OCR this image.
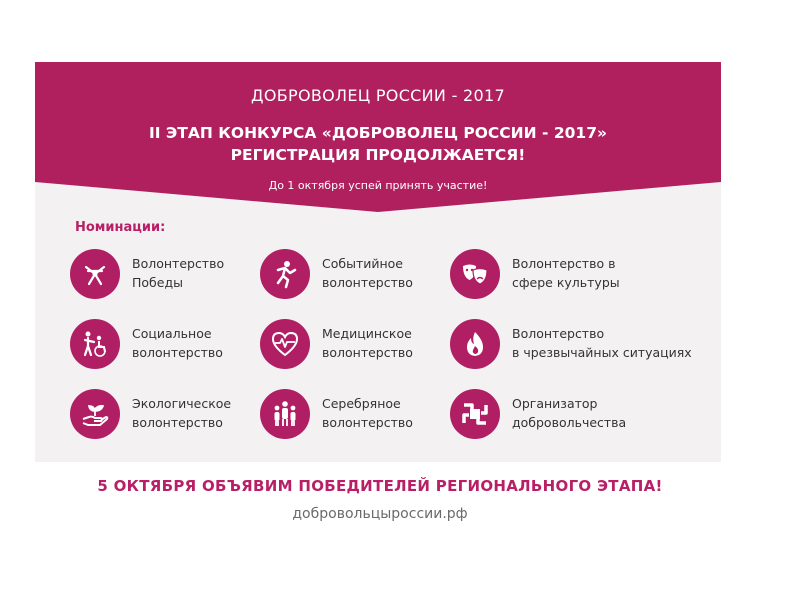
ДОБРОВОЛЕЦ РОССИИ - 2017

II ЭТАП КОНКУРСА «ДОБРОВОЛЕЦ РОССИИ - 2017»
РЕГИСТРАЦИЯ ПРОДОЛЖАЕТСЯ!

До 1 октября успей принять участие!

Номинации:
Волонтерство
Победы
Событийное
волонтерство
Волонтерство в
сфере культуры
Социальное
волонтерство
Медицинское
волонтерство
Волонтерство
в чрезвычайных ситуациях
Экологическое
волонтерство
Серебряное
волонтерство
Организатор
добровольчества

5 ОКТЯБРЯ ОБЪЯВИМ ПОБЕДИТЕЛЕЙ РЕГИОНАЛЬНОГО ЭТАПА!

добровольцыроссии.рф
